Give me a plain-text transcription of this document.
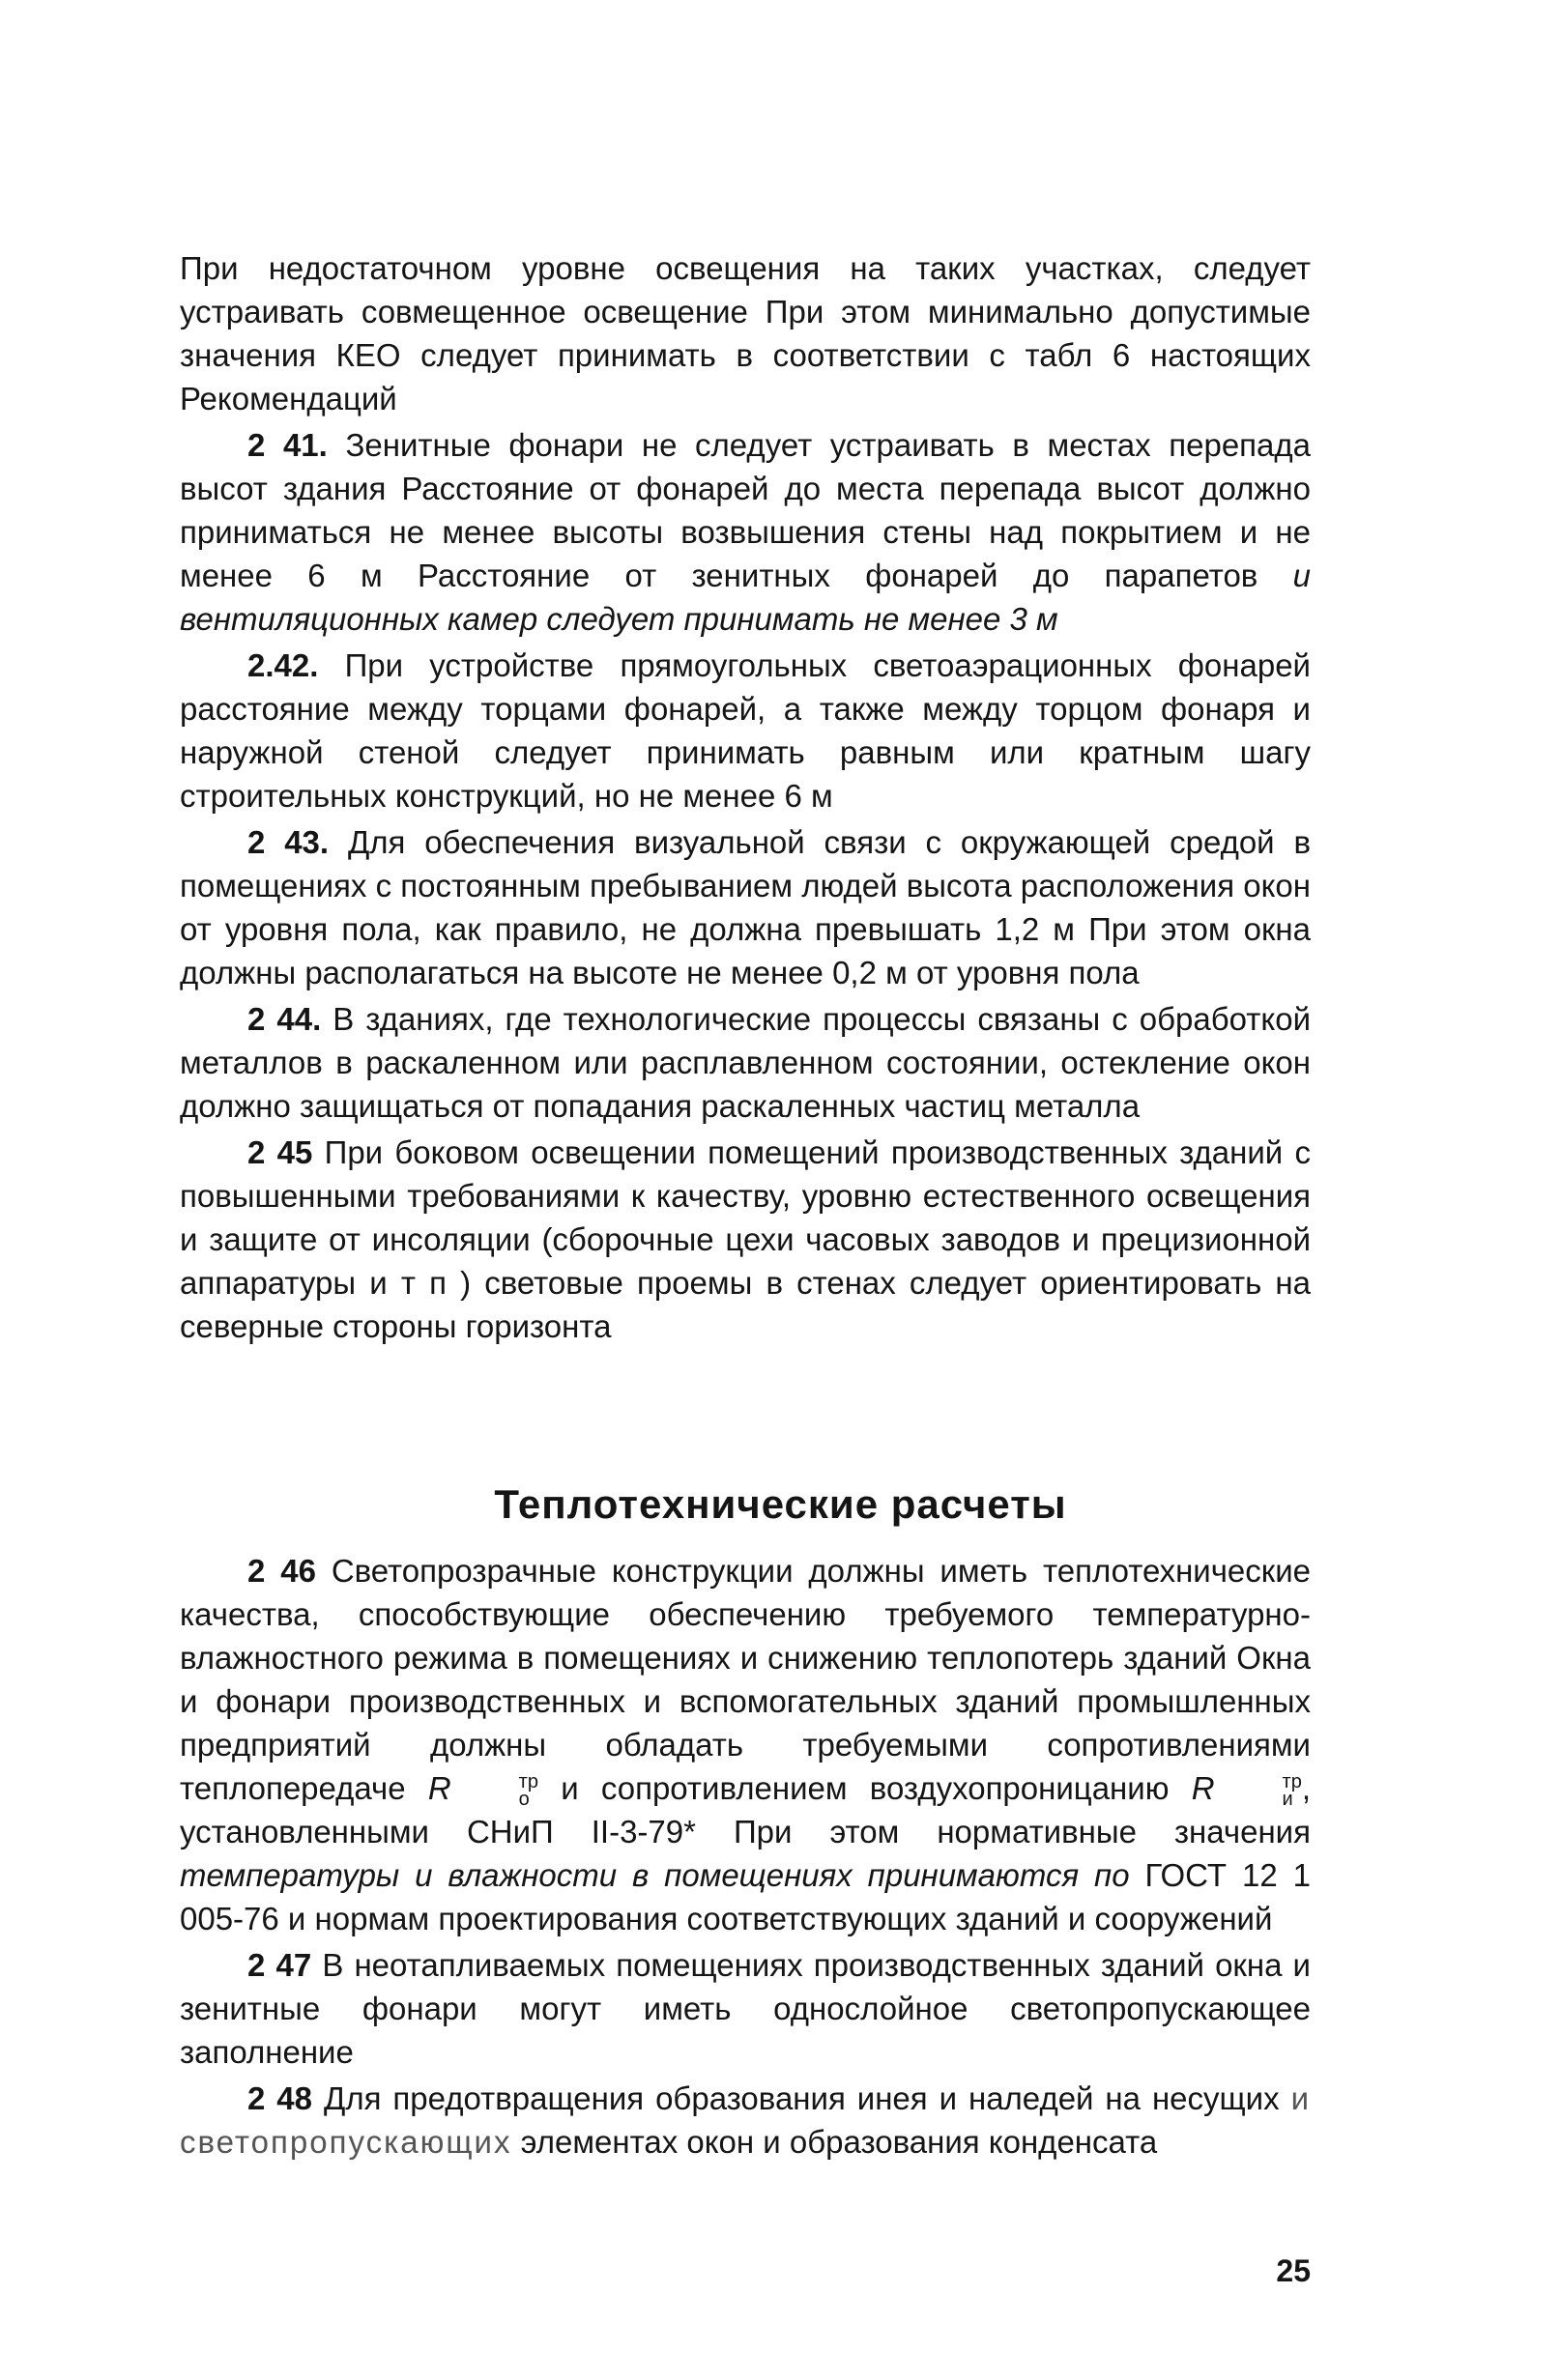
При недостаточном уровне освещения на таких участках, следует устраивать совмещенное освещение При этом минимально допустимые значения КЕО следует принимать в соответствии с табл 6 настоящих Рекомендаций

2 41. Зенитные фонари не следует устраивать в местах перепада высот здания Расстояние от фонарей до места перепада высот должно приниматься не менее высоты возвышения стены над покрытием и не менее 6 м Расстояние от зенитных фонарей до парапетов и вентиляционных камер следует принимать не менее 3 м

2.42. При устройстве прямоугольных светоаэрационных фонарей расстояние между торцами фонарей, а также между торцом фонаря и наружной стеной следует принимать равным или кратным шагу строительных конструкций, но не менее 6 м

2 43. Для обеспечения визуальной связи с окружающей средой в помещениях с постоянным пребыванием людей высота расположения окон от уровня пола, как правило, не должна превышать 1,2 м При этом окна должны располагаться на высоте не менее 0,2 м от уровня пола

2 44. В зданиях, где технологические процессы связаны с обработкой металлов в раскаленном или расплавленном состоянии, остекление окон должно защищаться от попадания раскаленных частиц металла

2 45 При боковом освещении помещений производственных зданий с повышенными требованиями к качеству, уровню естественного освещения и защите от инсоляции (сборочные цехи часовых заводов и прецизионной аппаратуры и т п ) световые проемы в стенах следует ориентировать на северные стороны горизонта

Теплотехнические расчеты

2 46 Светопрозрачные конструкции должны иметь теплотехнические качества, способствующие обеспечению требуемого температурно-влажностного режима в помещениях и снижению теплопотерь зданий Окна и фонари производственных и вспомогательных зданий промышленных предприятий должны обладать требуемыми сопротивлениями теплопередаче R	тр
о и сопротивлением воздухопроницанию R	тр
и , установленными СНиП II-3-79* При этом нормативные значения температуры и влажности в помещениях принимаются по ГОСТ 12 1 005-76 и нормам проектирования соответствующих зданий и сооружений

2 47 В неотапливаемых помещениях производственных зданий окна и зенитные фонари могут иметь однослойное светопропускающее заполнение

2 48 Для предотвращения образования инея и наледей на несущих и светопропускающих элементах окон и образования конденсата

25
